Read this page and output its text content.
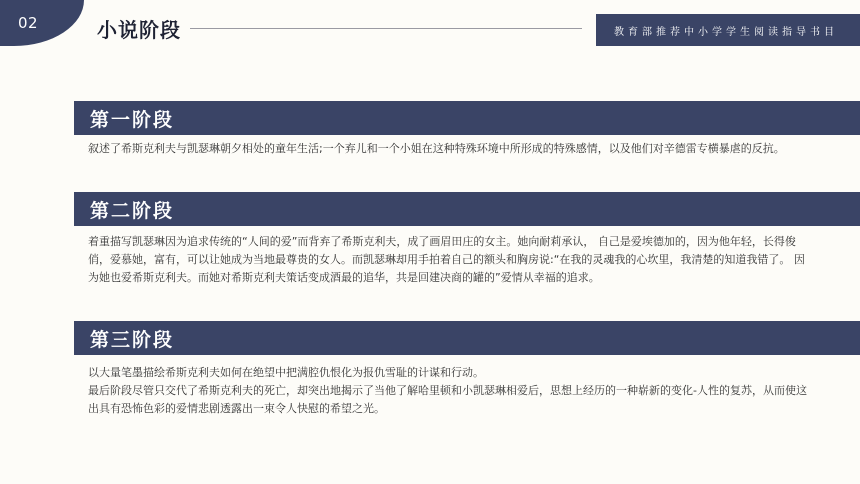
02	小说阶段	教育部推荐中小学学生阅读指导书目
第一阶段

叙述了希斯克利夫与凯瑟琳朝夕相处的童年生活;一个弃儿和一个小姐在这种特殊环境中所形成的特殊感情，以及他们对辛德雷专横暴虐的反抗。

第二阶段

着重描写凯瑟琳因为追求传统的“人间的爱”而背弃了希斯克利夫，成了画眉田庄的女主。她向耐莉承认， 自己是爱埃德加的，因为他年轻，长得俊俏，爱慕她，富有，可以让她成为当地最尊贵的女人。而凯瑟琳却用手拍着自己的额头和胸房说:“在我的灵魂我的心坎里，我清楚的知道我错了。 因为她也爱希斯克利夫。而她对希斯克利夫策话变成酒最的追华，共是回建决商的罐的”爱情从幸福的追求。

第三阶段

以大量笔墨描绘希斯克利夫如何在绝望中把满腔仇恨化为报仇雪耻的计谋和行动。

最后阶段尽管只交代了希斯克利夫的死亡，却突出地揭示了当他了解哈里顿和小凯瑟琳相爱后，思想上经历的一种崭新的变化-人性的复苏，从而使这出具有恐怖色彩的爱情悲剧透露出一束令人快慰的希望之光。
